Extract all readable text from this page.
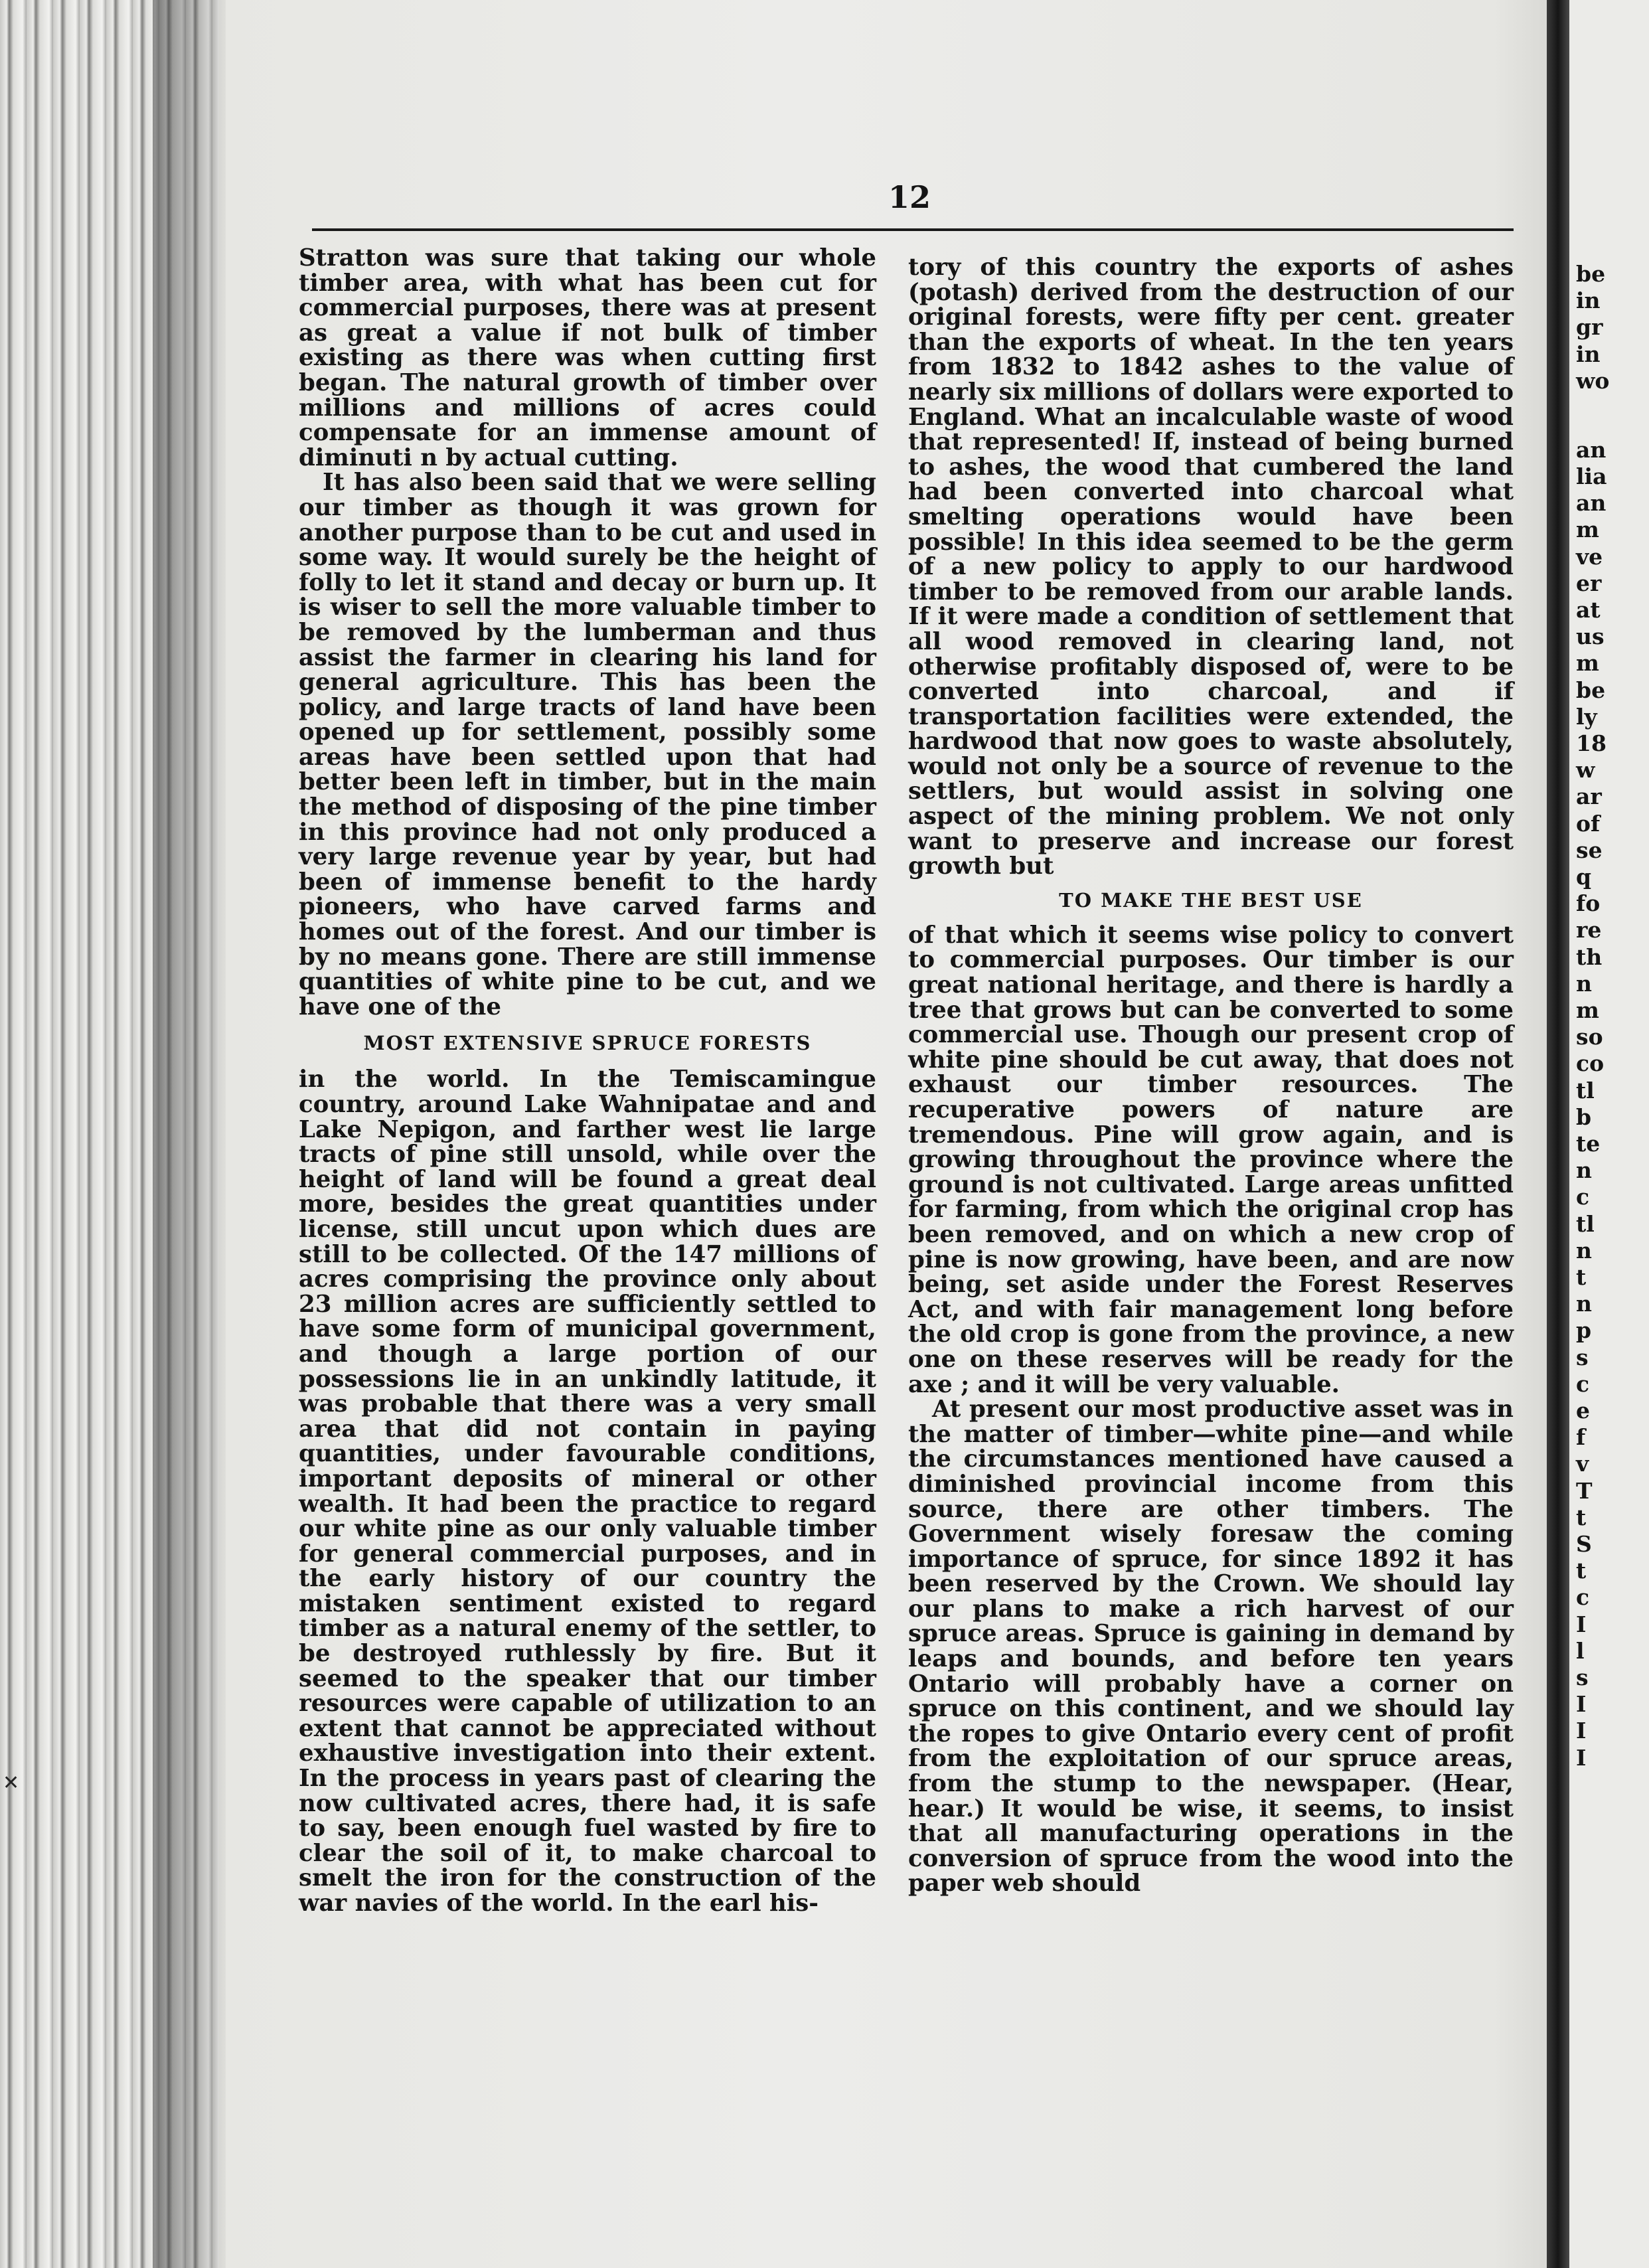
12

Stratton was sure that taking our whole timber area, with what has been cut for commercial purposes, there was at present as great a value if not bulk of timber existing as there was when cutting first began. The natural growth of timber over millions and millions of acres could compensate for an immense amount of diminuti n by actual cutting.

It has also been said that we were selling our timber as though it was grown for another purpose than to be cut and used in some way. It would surely be the height of folly to let it stand and decay or burn up. It is wiser to sell the more valuable timber to be removed by the lumberman and thus assist the farmer in clearing his land for general agriculture. This has been the policy, and large tracts of land have been opened up for settlement, possibly some areas have been settled upon that had better been left in timber, but in the main the method of disposing of the pine timber in this province had not only produced a very large revenue year by year, but had been of immense benefit to the hardy pioneers, who have carved farms and homes out of the forest. And our timber is by no means gone. There are still immense quantities of white pine to be cut, and we have one of the

MOST EXTENSIVE SPRUCE FORESTS

in the world. In the Temiscamingue country, around Lake Wahnipatae and and Lake Nepigon, and farther west lie large tracts of pine still unsold, while over the height of land will be found a great deal more, besides the great quantities under license, still uncut upon which dues are still to be collected. Of the 147 millions of acres comprising the province only about 23 million acres are sufficiently settled to have some form of municipal government, and though a large portion of our possessions lie in an unkindly latitude, it was probable that there was a very small area that did not contain in paying quantities, under favourable conditions, important deposits of mineral or other wealth. It had been the practice to regard our white pine as our only valuable timber for general commercial purposes, and in the early history of our country the mistaken sentiment existed to regard timber as a natural enemy of the settler, to be destroyed ruthlessly by fire. But it seemed to the speaker that our timber resources were capable of utilization to an extent that cannot be appreciated without exhaustive investigation into their extent. In the process in years past of clearing the now cultivated acres, there had, it is safe to say, been enough fuel wasted by fire to clear the soil of it, to make charcoal to smelt the iron for the construction of the war navies of the world. In the earl his-

tory of this country the exports of ashes (potash) derived from the destruction of our original forests, were fifty per cent. greater than the exports of wheat. In the ten years from 1832 to 1842 ashes to the value of nearly six millions of dollars were exported to England. What an incalculable waste of wood that represented! If, instead of being burned to ashes, the wood that cumbered the land had been converted into charcoal what smelting operations would have been possible! In this idea seemed to be the germ of a new policy to apply to our hardwood timber to be removed from our arable lands. If it were made a condition of settlement that all wood removed in clearing land, not otherwise profitably disposed of, were to be converted into charcoal, and if transportation facilities were extended, the hardwood that now goes to waste absolutely, would not only be a source of revenue to the settlers, but would assist in solving one aspect of the mining problem. We not only want to preserve and increase our forest growth but

TO MAKE THE BEST USE

of that which it seems wise policy to convert to commercial purposes. Our timber is our great national heritage, and there is hardly a tree that grows but can be converted to some commercial use. Though our present crop of white pine should be cut away, that does not exhaust our timber resources. The recuperative powers of nature are tremendous. Pine will grow again, and is growing throughout the province where the ground is not cultivated. Large areas unfitted for farming, from which the original crop has been removed, and on which a new crop of pine is now growing, have been, and are now being, set aside under the Forest Reserves Act, and with fair management long before the old crop is gone from the province, a new one on these reserves will be ready for the axe ; and it will be very valuable.

At present our most productive asset was in the matter of timber—white pine—and while the circumstances mentioned have caused a diminished provincial income from this source, there are other timbers. The Government wisely foresaw the coming importance of spruce, for since 1892 it has been reserved by the Crown. We should lay our plans to make a rich harvest of our spruce areas. Spruce is gaining in demand by leaps and bounds, and before ten years Ontario will probably have a corner on spruce on this continent, and we should lay the ropes to give Ontario every cent of profit from the exploitation of our spruce areas, from the stump to the newspaper. (Hear, hear.) It would be wise, it seems, to insist that all manufacturing operations in the conversion of spruce from the wood into the paper web should

be
in
gr
in
wo
an
lia
an
m
ve
er
at
us
m
be
ly
18
w
ar
of
se
q
fo
re
th
n
m
so
co
tl
b
te
n
c
tl
n
t
n
p
s
c
e
f
v
T
t
S
t
c
I
l
s
I
I
I
✕
